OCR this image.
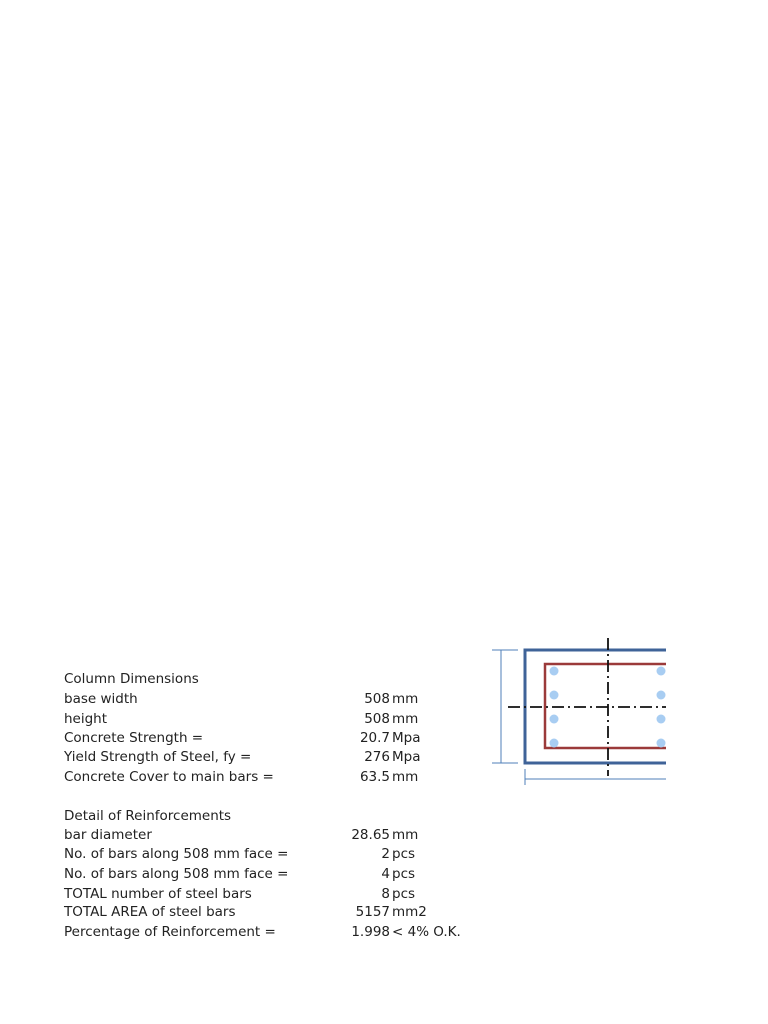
Column Dimensions
base width	508 mm
height	508 mm
Concrete Strength =	20.7 Mpa
Yield Strength of Steel, fy =	276 Mpa
Concrete Cover to main bars =	63.5 mm
Detail of Reinforcements
bar diameter	28.65 mm
No. of bars along 508 mm face =	2 pcs
No. of bars along 508 mm face =	4 pcs
TOTAL number of steel bars	8 pcs
TOTAL AREA of steel bars	5157 mm2
Percentage of Reinforcement =	1.998 < 4% O.K.
